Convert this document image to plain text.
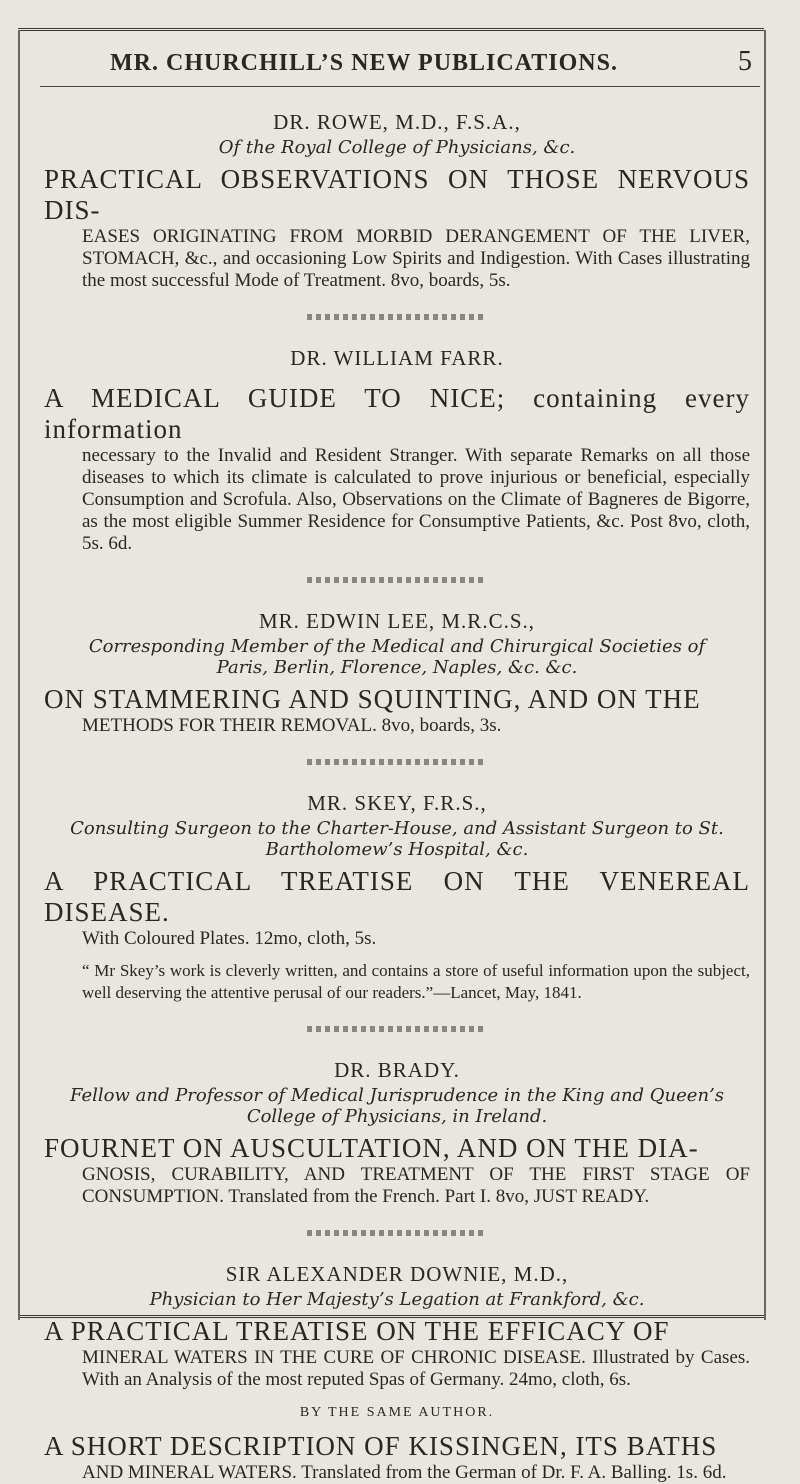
MR. CHURCHILL’S NEW PUBLICATIONS.	5

DR. ROWE, M.D., F.S.A.,

Of the Royal College of Physicians, &c.

PRACTICAL OBSERVATIONS ON THOSE NERVOUS DIS-

EASES ORIGINATING FROM MORBID DERANGEMENT OF THE LIVER, STOMACH, &c., and occasioning Low Spirits and Indigestion. With Cases illustrating the most successful Mode of Treatment. 8vo, boards, 5s.

DR. WILLIAM FARR.

A MEDICAL GUIDE TO NICE; containing every information

necessary to the Invalid and Resident Stranger. With separate Remarks on all those diseases to which its climate is calculated to prove injurious or beneficial, especially Consumption and Scrofula. Also, Observations on the Climate of Bagneres de Bigorre, as the most eligible Summer Residence for Consumptive Patients, &c. Post 8vo, cloth, 5s. 6d.

MR. EDWIN LEE, M.R.C.S.,

Corresponding Member of the Medical and Chirurgical Societies of Paris, Berlin, Florence, Naples, &c. &c.

ON STAMMERING AND SQUINTING, AND ON THE

METHODS FOR THEIR REMOVAL. 8vo, boards, 3s.

MR. SKEY, F.R.S.,

Consulting Surgeon to the Charter-House, and Assistant Surgeon to St. Bartholomew’s Hospital, &c.

A PRACTICAL TREATISE ON THE VENEREAL DISEASE.

With Coloured Plates. 12mo, cloth, 5s.

“ Mr Skey’s work is cleverly written, and contains a store of useful information upon the subject, well deserving the attentive perusal of our readers.”—Lancet, May, 1841.

DR. BRADY.

Fellow and Professor of Medical Jurisprudence in the King and Queen’s College of Physicians, in Ireland.

FOURNET ON AUSCULTATION, AND ON THE DIA-

GNOSIS, CURABILITY, AND TREATMENT OF THE FIRST STAGE OF CONSUMPTION. Translated from the French. Part I. 8vo, JUST READY.

SIR ALEXANDER DOWNIE, M.D.,

Physician to Her Majesty’s Legation at Frankford, &c.

A PRACTICAL TREATISE ON THE EFFICACY OF

MINERAL WATERS IN THE CURE OF CHRONIC DISEASE. Illustrated by Cases. With an Analysis of the most reputed Spas of Germany. 24mo, cloth, 6s.

BY THE SAME AUTHOR.

A SHORT DESCRIPTION OF KISSINGEN, ITS BATHS

AND MINERAL WATERS. Translated from the German of Dr. F. A. Balling. 1s. 6d.
